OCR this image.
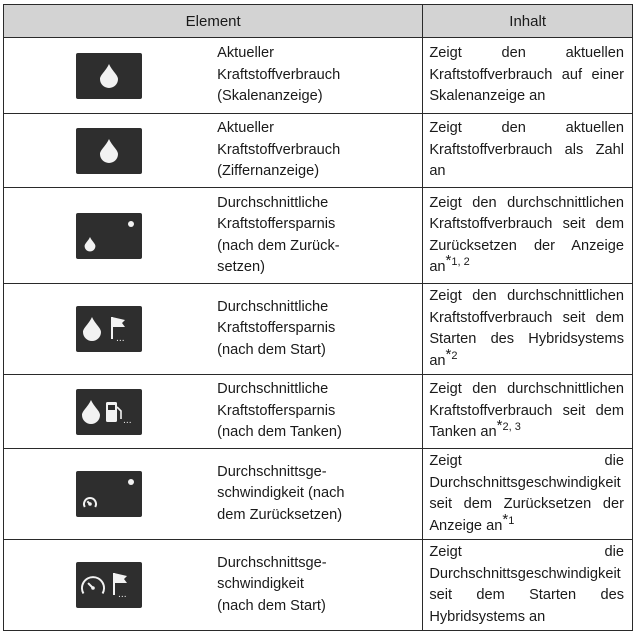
Element		Inhalt

	Aktueller
Kraftstoffverbrauch
(Skalenanzeige)	Zeigt den aktuellen Kraftstoffverbrauch auf einer Skalenanzeige an

	Aktueller
Kraftstoffverbrauch
(Ziffernanzeige)	Zeigt den aktuellen Kraftstoffverbrauch als Zahl an

	Durchschnittliche
Kraftstoffersparnis
(nach dem Zurück-
setzen)	Zeigt den durchschnittlichen Kraftstoffverbrauch seit dem Zurücksetzen der Anzeige an$^{*1, 2}$

...	Durchschnittliche
Kraftstoffersparnis
(nach dem Start)	Zeigt den durchschnittlichen Kraftstoffverbrauch seit dem Starten des Hybridsystems an$^{*2}$

...	Durchschnittliche
Kraftstoffersparnis
(nach dem Tanken)	Zeigt den durchschnittlichen Kraftstoffverbrauch seit dem Tanken an$^{*2, 3}$

	Durchschnittsge-
schwindigkeit (nach
dem Zurücksetzen)	Zeigt die Durchschnittsgeschwindigkeit seit dem Zurücksetzen der Anzeige an$^{*1}$

...	Durchschnittsge-
schwindigkeit
(nach dem Start)	Zeigt die Durchschnittsgeschwindigkeit seit dem Starten des Hybridsystems an
